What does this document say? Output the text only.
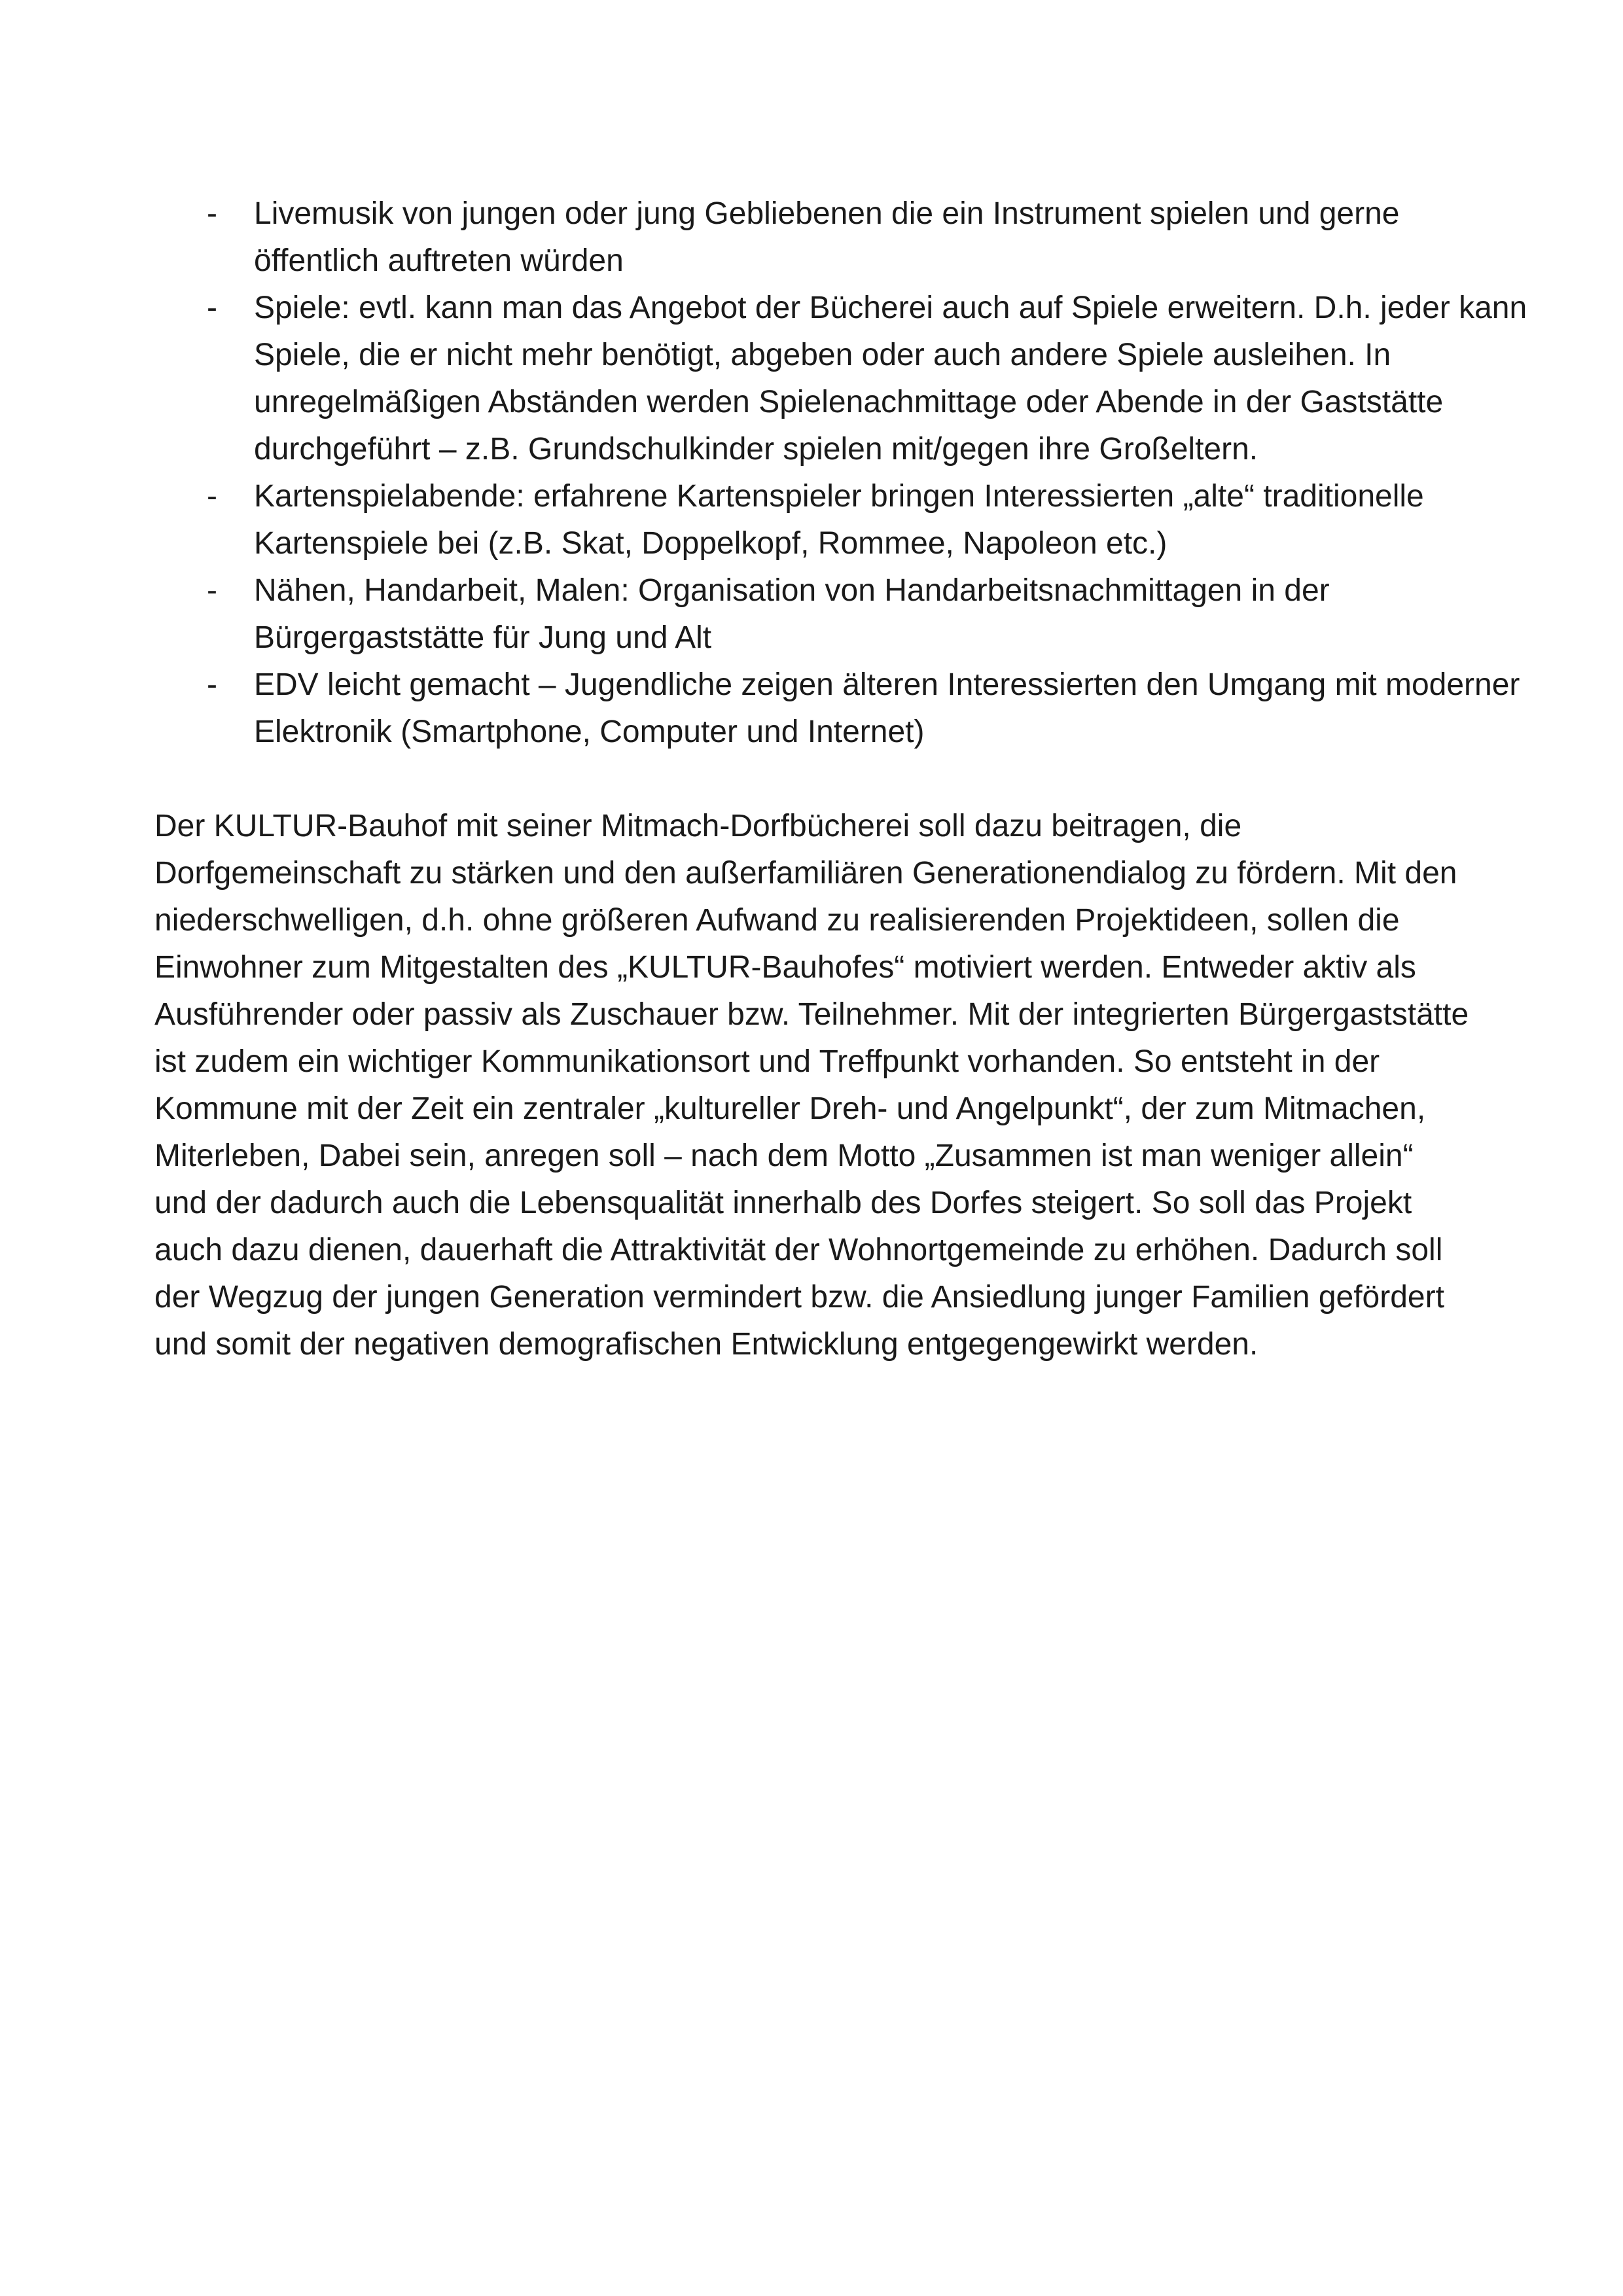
- Livemusik von jungen oder jung Gebliebenen die ein Instrument spielen und gerne öffentlich auftreten würden
- Spiele: evtl. kann man das Angebot der Bücherei auch auf Spiele erweitern. D.h. jeder kann Spiele, die er nicht mehr benötigt, abgeben oder auch andere Spiele ausleihen. In unregelmäßigen Abständen werden Spielenachmittage oder Abende in der Gaststätte durchgeführt – z.B. Grundschulkinder spielen mit/gegen ihre Großeltern.
- Kartenspielabende: erfahrene Kartenspieler bringen Interessierten „alte“ traditionelle Kartenspiele bei (z.B. Skat, Doppelkopf, Rommee, Napoleon etc.)
- Nähen, Handarbeit, Malen: Organisation von Handarbeitsnachmittagen in der Bürgergaststätte für Jung und Alt
- EDV leicht gemacht – Jugendliche zeigen älteren Interessierten den Umgang mit moderner Elektronik (Smartphone, Computer und Internet)

Der KULTUR-Bauhof mit seiner Mitmach-Dorfbücherei soll dazu beitragen, die Dorfgemeinschaft zu stärken und den außerfamiliären Generationendialog zu fördern. Mit den niederschwelligen, d.h. ohne größeren Aufwand zu realisierenden Projektideen, sollen die Einwohner zum Mitgestalten des „KULTUR-Bauhofes“ motiviert werden. Entweder aktiv als Ausführender oder passiv als Zuschauer bzw. Teilnehmer. Mit der integrierten Bürgergaststätte ist zudem ein wichtiger Kommunikationsort und Treffpunkt vorhanden. So entsteht in der Kommune mit der Zeit ein zentraler „kultureller Dreh- und Angelpunkt“, der zum Mitmachen, Miterleben, Dabei sein, anregen soll – nach dem Motto „Zusammen ist man weniger allein“ und der dadurch auch die Lebensqualität innerhalb des Dorfes steigert. So soll das Projekt auch dazu dienen, dauerhaft die Attraktivität der Wohnortgemeinde zu erhöhen. Dadurch soll der Wegzug der jungen Generation vermindert bzw. die Ansiedlung junger Familien gefördert und somit der negativen demografischen Entwicklung entgegengewirkt werden.
